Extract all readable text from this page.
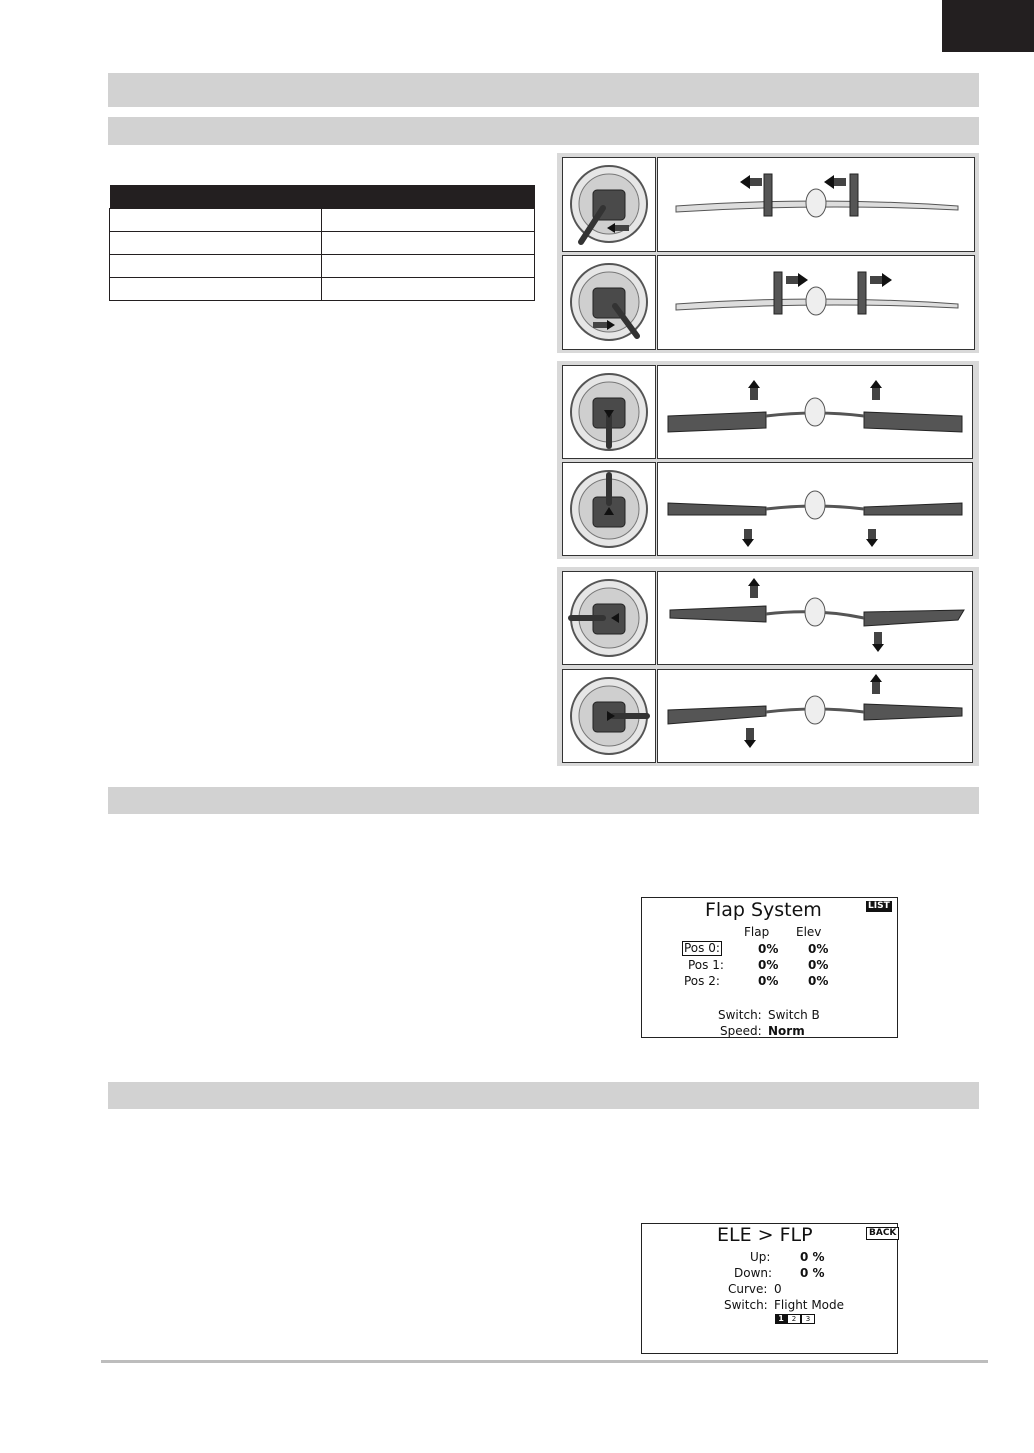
Flap System	LIST
Flap Elev
Pos 0:	0% 0%
Pos 1:	0% 0%
Pos 2:	0% 0%
Switch: Switch B
Speed: Norm
ELE > FLP	BACK
Up: 0 %
Down: 0 %
Curve: 0
Switch: Flight Mode
1	2	3
